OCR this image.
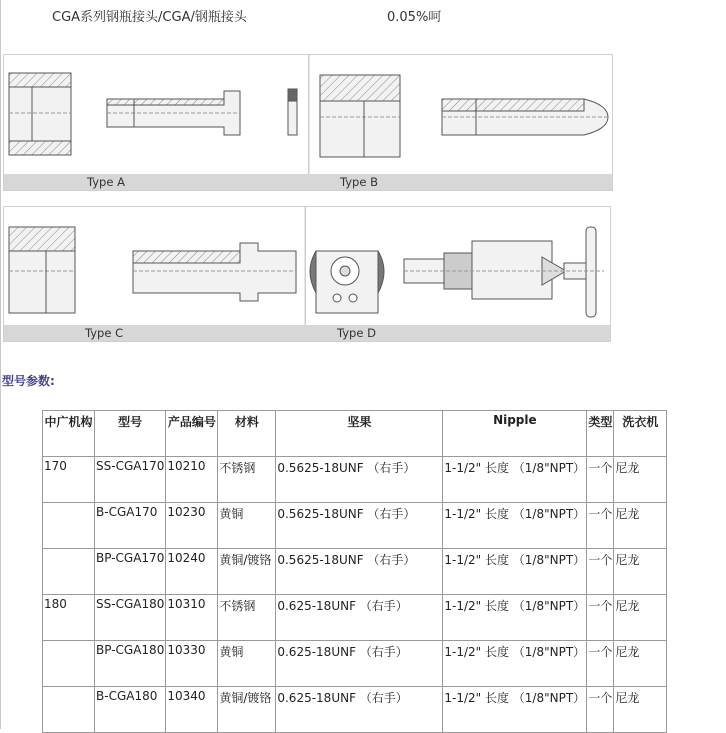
CGA系列钢瓶接头/CGA/钢瓶接头	0.05%呵
Type A	Type B
Type C	Type D
型号参数:
中广机构	型号	产品编号	材料	坚果	Nipple	类型	洗衣机
170	SS-CGA170	10210	不锈钢	0.5625-18UNF （右手）	1-1/2" 长度 （1/8"NPT）	一个	尼龙
	B-CGA170	10230	黄铜	0.5625-18UNF （右手）	1-1/2" 长度 （1/8"NPT）	一个	尼龙
	BP-CGA170	10240	黄铜/镀铬	0.5625-18UNF （右手）	1-1/2" 长度 （1/8"NPT）	一个	尼龙
180	SS-CGA180	10310	不锈钢	0.625-18UNF （右手）	1-1/2" 长度 （1/8"NPT）	一个	尼龙
	BP-CGA180	10330	黄铜	0.625-18UNF （右手）	1-1/2" 长度 （1/8"NPT）	一个	尼龙
	B-CGA180	10340	黄铜/镀铬	0.625-18UNF （右手）	1-1/2" 长度 （1/8"NPT）	一个	尼龙
